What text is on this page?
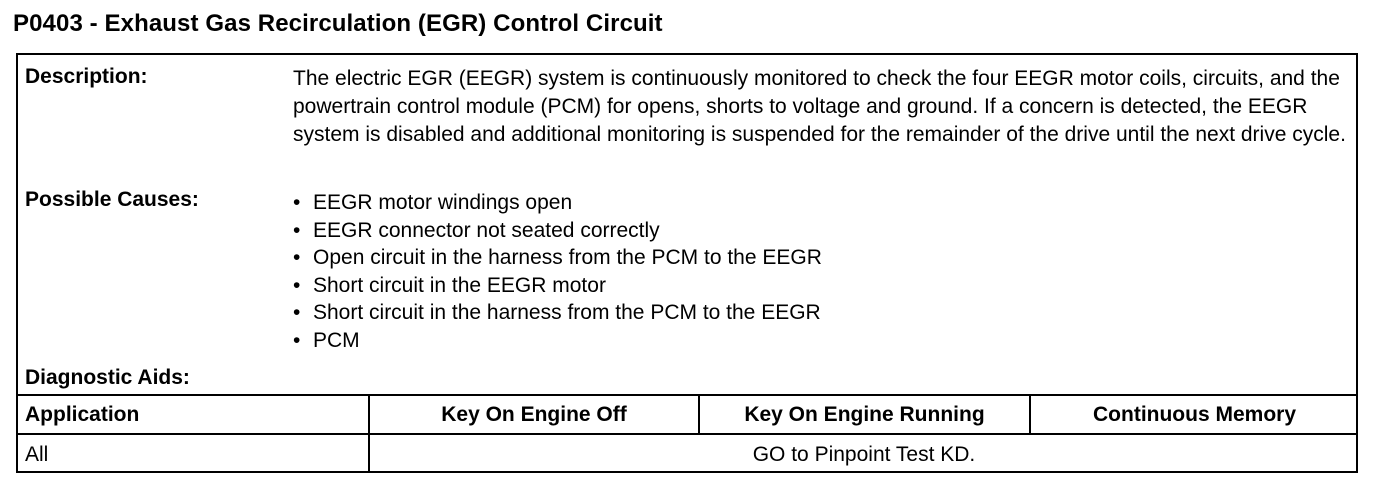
P0403 - Exhaust Gas Recirculation (EGR) Control Circuit
Description:	The electric EGR (EEGR) system is continuously monitored to check the four EEGR motor coils, circuits, and the powertrain control module (PCM) for opens, shorts to voltage and ground. If a concern is detected, the EEGR system is disabled and additional monitoring is suspended for the remainder of the drive until the next drive cycle.
Possible Causes:	• EEGR motor windings open
• EEGR connector not seated correctly
• Open circuit in the harness from the PCM to the EEGR
• Short circuit in the EEGR motor
• Short circuit in the harness from the PCM to the EEGR
• PCM
Diagnostic Aids:
Application	Key On Engine Off	Key On Engine Running	Continuous Memory
All	GO to Pinpoint Test KD.
